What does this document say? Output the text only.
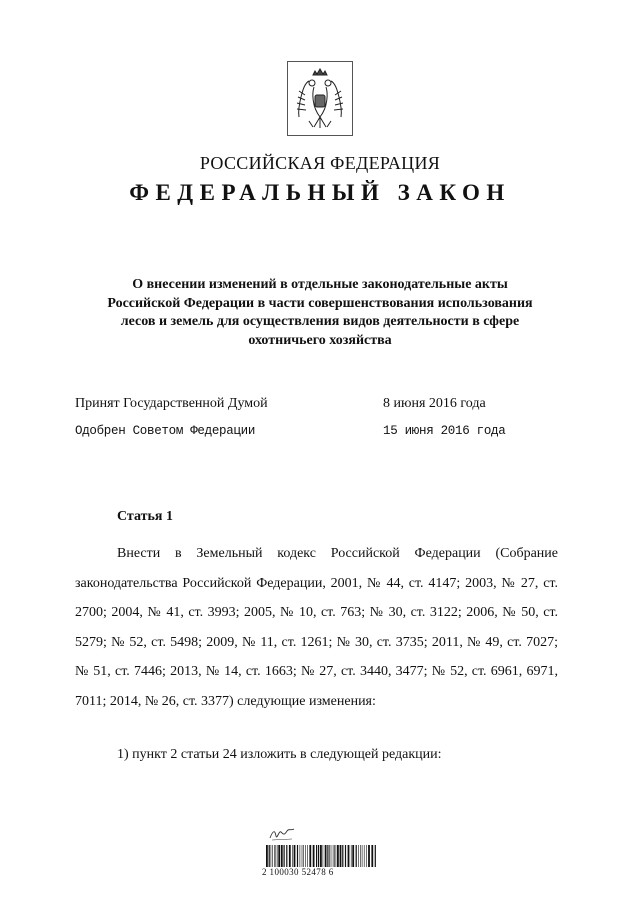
РОССИЙСКАЯ ФЕДЕРАЦИЯ
ФЕДЕРАЛЬНЫЙ ЗАКОН
О внесении изменений в отдельные законодательные акты
Российской Федерации в части совершенствования использования
лесов и земель для осуществления видов деятельности в сфере
охотничьего хозяйства
Принят Государственной Думой	8 июня 2016 года
Одобрен Советом Федерации	15 июня 2016 года
Статья 1

Внести в Земельный кодекс Российской Федерации (Собрание законодательства Российской Федерации, 2001, № 44, ст. 4147; 2003, № 27, ст. 2700; 2004, № 41, ст. 3993; 2005, № 10, ст. 763; № 30, ст. 3122; 2006, № 50, ст. 5279; № 52, ст. 5498; 2009, № 11, ст. 1261; № 30, ст. 3735; 2011, № 49, ст. 7027; № 51, ст. 7446; 2013, № 14, ст. 1663; № 27, ст. 3440, 3477; № 52, ст. 6961, 6971, 7011; 2014, № 26, ст. 3377) следующие изменения:

1) пункт 2 статьи 24 изложить в следующей редакции:
2 100030 52478 6
